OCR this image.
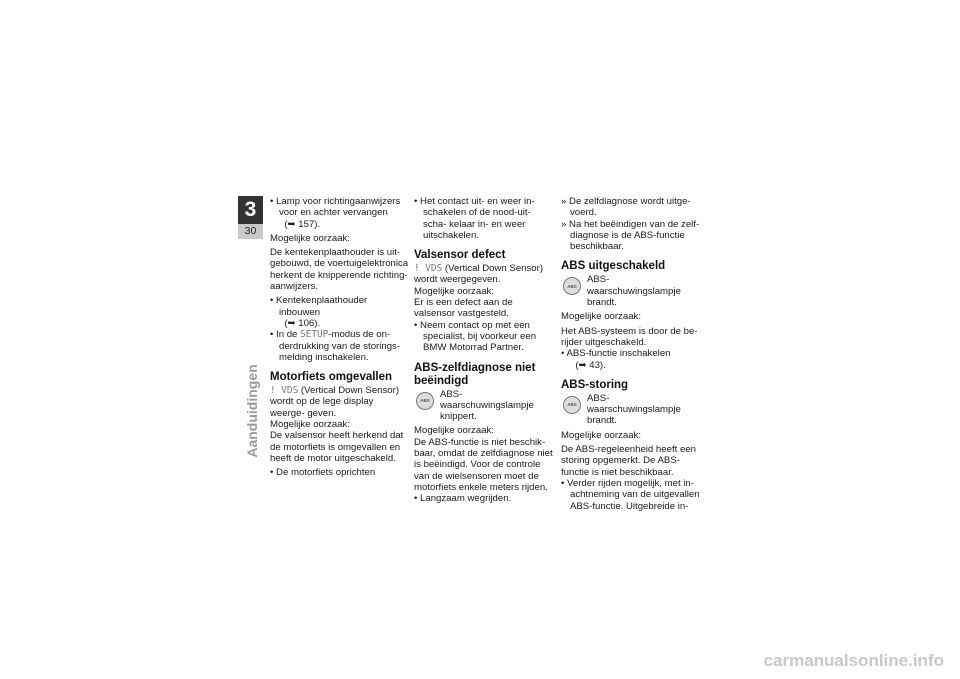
3
30
Aanduidingen
• Lamp voor richtingaanwijzers voor en achter vervangen
(➥ 157).
Mogelijke oorzaak:
De kentekenplaathouder is uit- gebouwd, de voertuigelektronica herkent de knipperende richting- aanwijzers.
• Kentekenplaathouder inbouwen
(➥ 106).
• In de SETUP-modus de on- derdrukking van de storings- melding inschakelen.
Motorfiets omgevallen
! VDS (Vertical Down Sensor) wordt op de lege display weerge- geven.
Mogelijke oorzaak:
De valsensor heeft herkend dat de motorfiets is omgevallen en heeft de motor uitgeschakeld.
• De motorfiets oprichten
• Het contact uit- en weer in- schakelen of de nood-uit-scha- kelaar in- en weer uitschakelen.
Valsensor defect
! VDS (Vertical Down Sensor) wordt weergegeven.
Mogelijke oorzaak:
Er is een defect aan de valsensor vastgesteld.
• Neem contact op met een specialist, bij voorkeur een BMW Motorrad Partner.
ABS-zelfdiagnose niet beëindigd
ABS
ABS-waarschuwingslampje knippert.
Mogelijke oorzaak:
De ABS-functie is niet beschik- baar, omdat de zelfdiagnose niet is beëindigd. Voor de controle van de wielsensoren moet de motorfiets enkele meters rijden.
• Langzaam wegrijden.
» De zelfdiagnose wordt uitge- voerd.
» Na het beëindigen van de zelf- diagnose is de ABS-functie beschikbaar.
ABS uitgeschakeld
ABS
ABS-waarschuwingslampje brandt.
Mogelijke oorzaak:
Het ABS-systeem is door de be- rijder uitgeschakeld.
• ABS-functie inschakelen
(➥ 43).
ABS-storing
ABS
ABS-waarschuwingslampje brandt.
Mogelijke oorzaak:
De ABS-regeleenheid heeft een storing opgemerkt. De ABS- functie is niet beschikbaar.
• Verder rijden mogelijk, met in- achtneming van de uitgevallen ABS-functie. Uitgebreide in-
carmanualsonline.info
